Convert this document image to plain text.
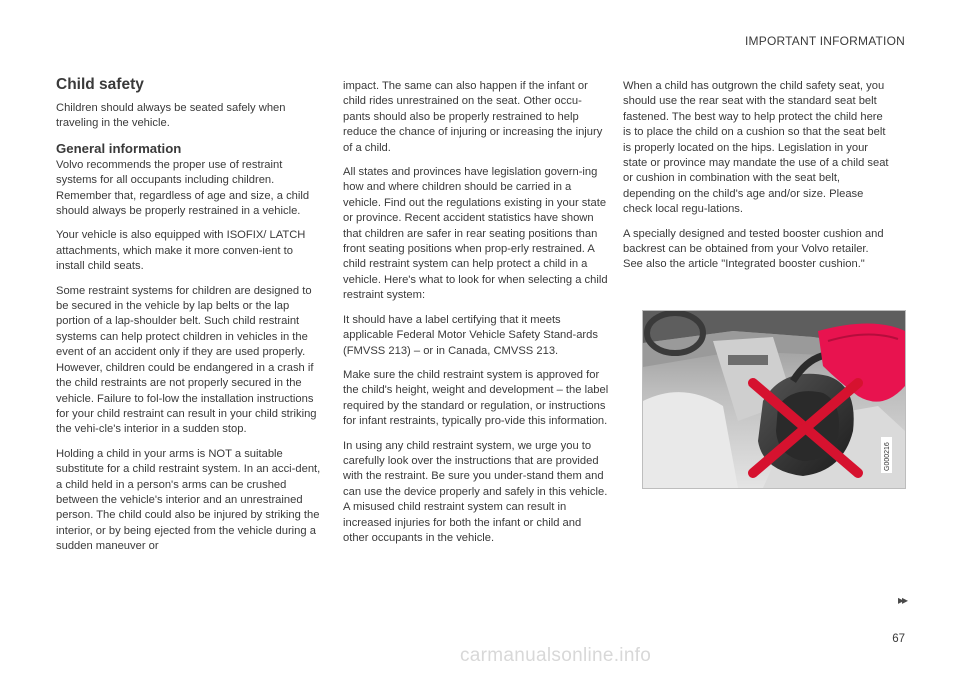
IMPORTANT INFORMATION
Child safety

Children should always be seated safely when traveling in the vehicle.

General information

Volvo recommends the proper use of restraint systems for all occupants including children. Remember that, regardless of age and size, a child should always be properly restrained in a vehicle.

Your vehicle is also equipped with ISOFIX/ LATCH attachments, which make it more conven-ient to install child seats.

Some restraint systems for children are designed to be secured in the vehicle by lap belts or the lap portion of a lap-shoulder belt. Such child restraint systems can help protect children in vehicles in the event of an accident only if they are used properly. However, children could be endangered in a crash if the child restraints are not properly secured in the vehicle. Failure to fol-low the installation instructions for your child restraint can result in your child striking the vehi-cle's interior in a sudden stop.

Holding a child in your arms is NOT a suitable substitute for a child restraint system. In an acci-dent, a child held in a person's arms can be crushed between the vehicle's interior and an unrestrained person. The child could also be injured by striking the interior, or by being ejected from the vehicle during a sudden maneuver or

impact. The same can also happen if the infant or child rides unrestrained on the seat. Other occu-pants should also be properly restrained to help reduce the chance of injuring or increasing the injury of a child.

All states and provinces have legislation govern-ing how and where children should be carried in a vehicle. Find out the regulations existing in your state or province. Recent accident statistics have shown that children are safer in rear seating positions than front seating positions when prop-erly restrained. A child restraint system can help protect a child in a vehicle. Here's what to look for when selecting a child restraint system:

It should have a label certifying that it meets applicable Federal Motor Vehicle Safety Stand-ards (FMVSS 213) – or in Canada, CMVSS 213.

Make sure the child restraint system is approved for the child's height, weight and development – the label required by the standard or regulation, or instructions for infant restraints, typically pro-vide this information.

In using any child restraint system, we urge you to carefully look over the instructions that are provided with the restraint. Be sure you under-stand them and can use the device properly and safely in this vehicle. A misused child restraint system can result in increased injuries for both the infant or child and other occupants in the vehicle.

When a child has outgrown the child safety seat, you should use the rear seat with the standard seat belt fastened. The best way to help protect the child here is to place the child on a cushion so that the seat belt is properly located on the hips. Legislation in your state or province may mandate the use of a child seat or cushion in combination with the seat belt, depending on the child's age and/or size. Please check local regu-lations.

A specially designed and tested booster cushion and backrest can be obtained from your Volvo retailer. See also the article "Integrated booster cushion."

G000216
▸▸
67
carmanualsonline.info
